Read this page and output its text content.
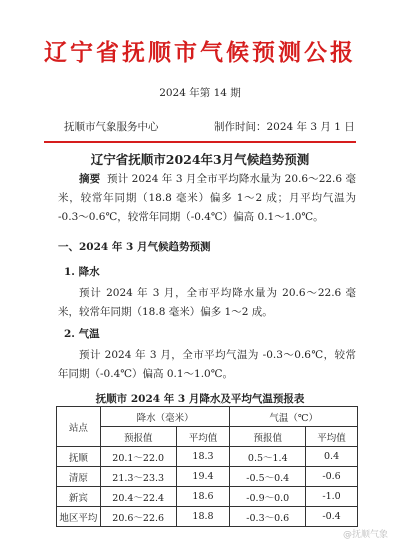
辽宁省抚顺市气候预测公报
2024 年第 14 期
抚顺市气象服务中心	制作时间：2024 年 3 月 1 日
辽宁省抚顺市2024年3月气候趋势预测
摘要 预计 2024 年 3 月全市平均降水量为 20.6～22.6 毫米，较常年同期（18.8 毫米）偏多 1～2 成；月平均气温为 -0.3～0.6℃，较常年同期（-0.4℃）偏高 0.1～1.0℃。
一、2024 年 3 月气候趋势预测
1. 降水
预计 2024 年 3 月，全市平均降水量为 20.6～22.6 毫米，较常年同期（18.8 毫米）偏多 1～2 成。
2. 气温
预计 2024 年 3 月，全市平均气温为 -0.3～0.6℃，较常年同期（-0.4℃）偏高 0.1～1.0℃。
抚顺市 2024 年 3 月降水及平均气温预报表
站点	降水（毫米）		气温（℃）	
	预报值	平均值	预报值	平均值
抚顺	20.1～22.0	18.3	0.5～1.4	0.4
清原	21.3～23.3	19.4	-0.5～0.4	-0.6
新宾	20.4～22.4	18.6	-0.9～0.0	-1.0
地区平均	20.6～22.6	18.8	-0.3～0.6	-0.4
@抚顺气象
